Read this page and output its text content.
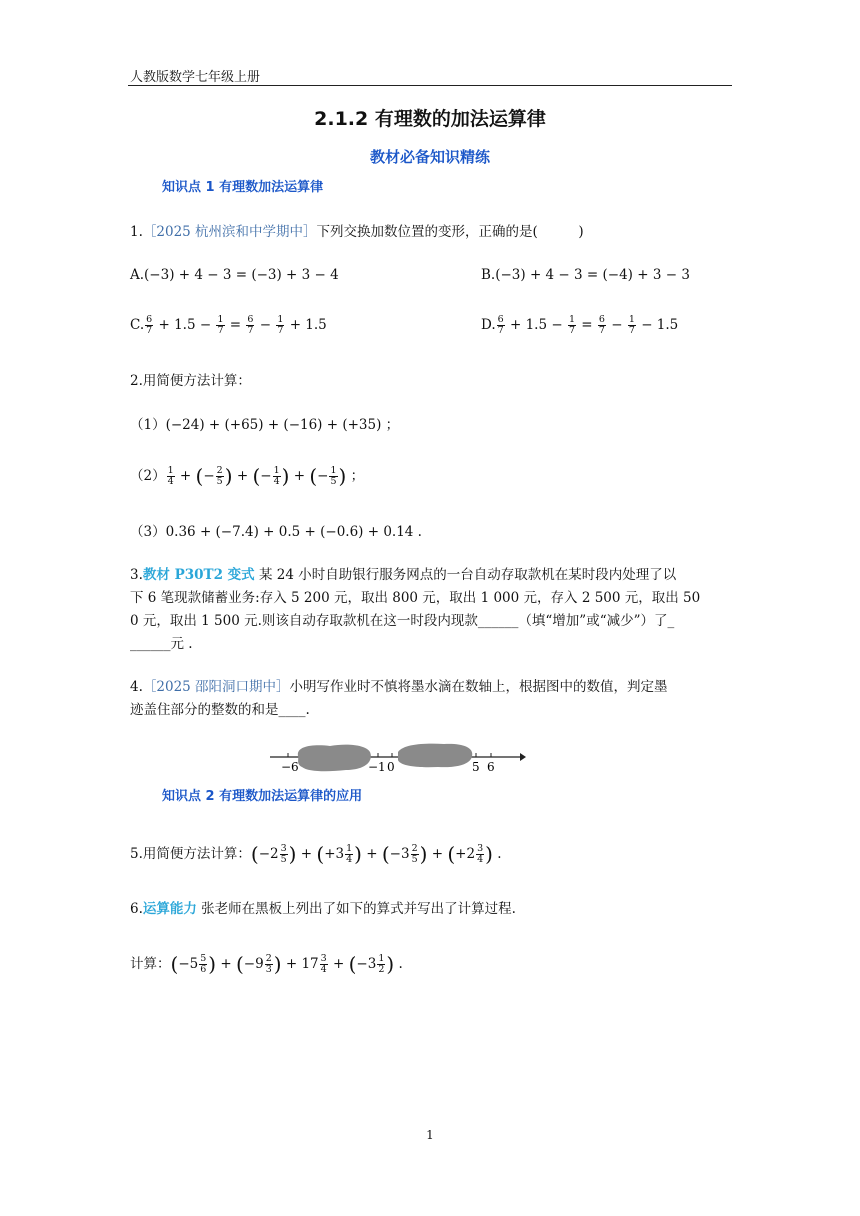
人教版数学七年级上册
2.1.2 有理数的加法运算律
教材必备知识精练
知识点 1 有理数加法运算律
1.［2025 杭州滨和中学期中］下列交换加数位置的变形，正确的是(　　　)
A.(−3) + 4 − 3 = (−3) + 3 − 4	B.(−3) + 4 − 3 = (−4) + 3 − 3
C. $\frac{6}{7} + 1.5 - \frac{1}{7} = \frac{6}{7} - \frac{1}{7} + 1.5$	D. $\frac{6}{7} + 1.5 - \frac{1}{7} = \frac{6}{7} - \frac{1}{7} - 1.5$
2.用简便方法计算：
（1）(−24) + (+65) + (−16) + (+35) ；
$(2) \frac{1}{4}$ + (− $\frac{2}{5}$ ) + (− $\frac{1}{4}$ ) + (− $\frac{1}{5}$ ) ；
（3）0.36 + (−7.4) + 0.5 + (−0.6) + 0.14 .
3.教材 P30T2 变式 某 24 小时自助银行服务网点的一台自动存取款机在某时段内处理了以
下 6 笔现款储蓄业务:存入 5 200 元，取出 800 元，取出 1 000 元，存入 2 500 元，取出 50
0 元，取出 1 500 元.则该自动存取款机在这一时段内现款______（填“增加”或“减少”）了_
______元 .
4.［2025 邵阳洞口期中］小明写作业时不慎将墨水滴在数轴上，根据图中的数值，判定墨
迹盖住部分的整数的和是____.
−6	−1 0	5 6
知识点 2 有理数加法运算律的应用
5.用简便方法计算：($-2 \frac{3}{5}$ ) + ($+3 \frac{1}{4}$ ) + ($-3 \frac{2}{5}$ ) + ($+2 \frac{3}{4}$ ) .
6.运算能力 张老师在黑板上列出了如下的算式并写出了计算过程.
计算：($-5 \frac{5}{6}$ ) + ($-9 \frac{2}{3}$ ) + $17 \frac{3}{4} + (-3 \frac{1}{2}$ ) .
1
